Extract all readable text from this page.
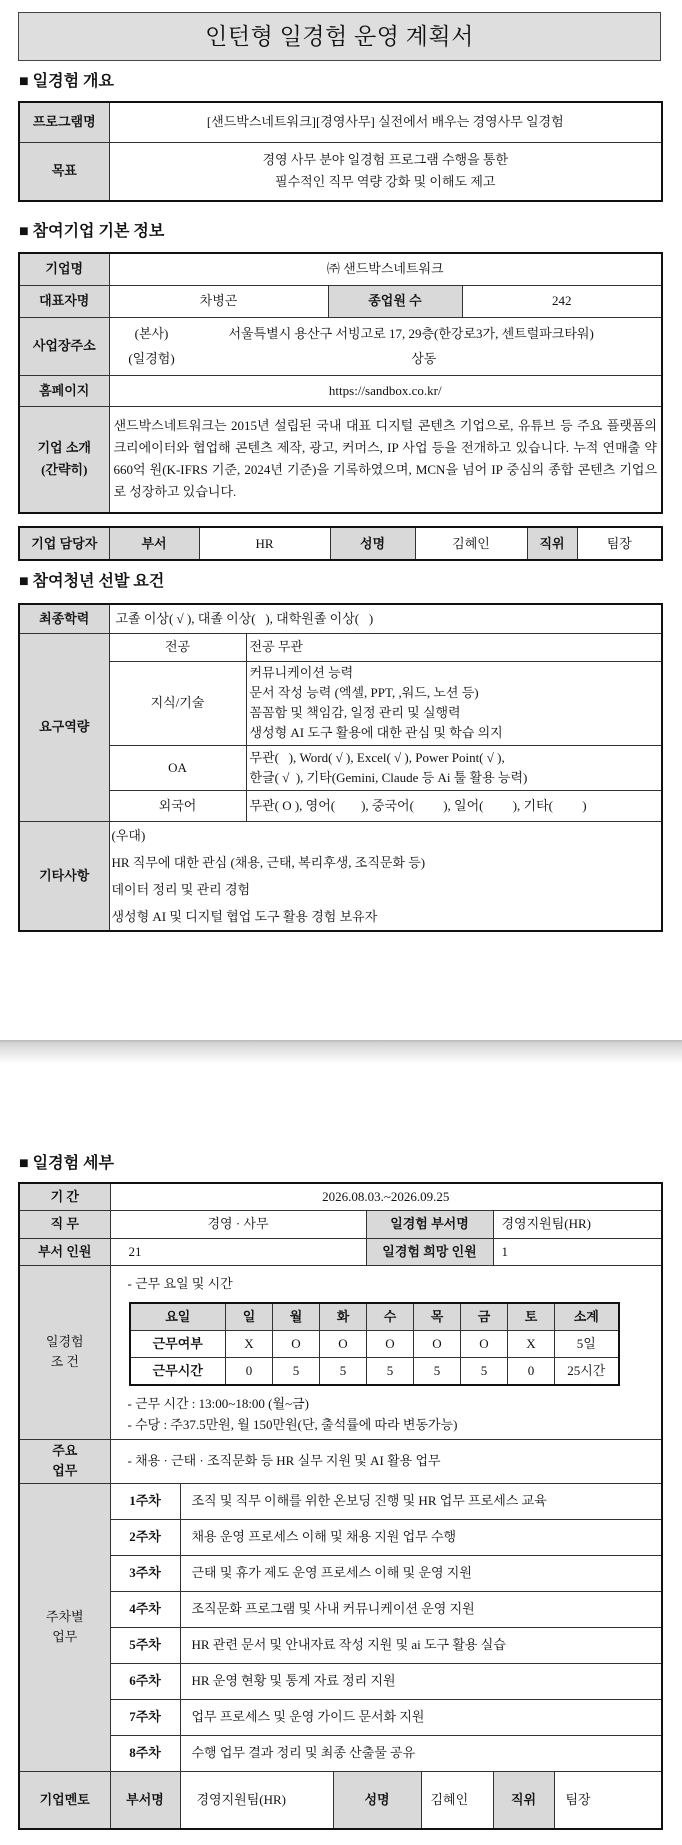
인턴형 일경험 운영 계획서
■ 일경험 개요
프로그램명	[샌드박스네트워크][경영사무] 실전에서 배우는 경영사무 일경험
목표	경영 사무 분야 일경험 프로그램 수행을 통한
필수적인 직무 역량 강화 및 이해도 제고
■ 참여기업 기본 정보
기업명	㈜ 샌드박스네트워크		
대표자명	차병곤	종업원 수	242
사업장주소	(본사) 서울특별시 용산구 서빙고로 17, 29층(한강로3가, 센트럴파크타워)
(일경험) 상동		

홈페이지	https://sandbox.co.kr/		

기업 소개
(간략히)	샌드박스네트워크는 2015년 설립된 국내 대표 디지털 콘텐츠 기업으로, 유튜브 등 주요 플랫폼의 크리에이터와 협업해 콘텐츠 제작, 광고, 커머스, IP 사업 등을 전개하고 있습니다. 누적 연매출 약 660억 원(K-IFRS 기준, 2024년 기준)을 기록하였으며, MCN을 넘어 IP 중심의 종합 콘텐츠 기업으로 성장하고 있습니다.		
기업 담당자	부서	HR	성명	김혜인	직위	팀장
■ 참여청년 선발 요건
최종학력	고졸 이상( √ ), 대졸 이상(   ), 대학원졸 이상(   )	
요구역량	전공	전공 무관
	지식/기술	커뮤니케이션 능력
문서 작성 능력 (엑셀, PPT, ,워드, 노션 등)
꼼꼼함 및 책임감, 일정 관리 및 실행력
생성형 AI 도구 활용에 대한 관심 및 학습 의지

	OA	무관(   ), Word( √ ), Excel( √ ), Power Point( √ ),
한글( √  ), 기타(Gemini, Claude 등 Ai 툴 활용 능력)

	외국어	무관( O ), 영어(        ), 중국어(         ), 일어(         ), 기타(         )
기타사항	(우대)
HR 직무에 대한 관심 (채용, 근태, 복리후생, 조직문화 등)
데이터 정리 및 관리 경험
생성형 AI 및 디지털 협업 도구 활용 경험 보유자	
■ 일경험 세부
기 간	2026.08.03.~2026.09.25
직 무	경영 · 사무	일경험 부서명	경영지원팀(HR)
부서 인원	21	일경험 희망 인원	1

일경험
조 건

- 근무 요일 및 시간
요일	일	월	화	수	목	금	토	소계
근무여부	X	O	O	O	O	O	X	5일
근무시간	0	5	5	5	5	5	0	25시간
- 근무 시간 : 13:00~18:00 (월~금)
- 수당 : 주37.5만원, 월 150만원(단, 출석률에 따라 변동가능)

주요
업무
	- 채용 · 근태 · 조직문화 등 HR 실무 지원 및 AI 활용 업무

주차별
업무
	1주차	조직 및 직무 이해를 위한 온보딩 진행 및 HR 업무 프로세스 교육
2주차	채용 운영 프로세스 이해 및 채용 지원 업무 수행
3주차	근태 및 휴가 제도 운영 프로세스 이해 및 운영 지원
4주차	조직문화 프로그램 및 사내 커뮤니케이션 운영 지원
5주차	HR 관련 문서 및 안내자료 작성 지원 및 ai 도구 활용 실습
6주차	HR 운영 현황 및 통계 자료 정리 지원
7주차	업무 프로세스 및 운영 가이드 문서화 지원
8주차	수행 업무 결과 정리 및 최종 산출물 공유
기업멘토	부서명	경영지원팀(HR)	성명	김혜인	직위	팀장
